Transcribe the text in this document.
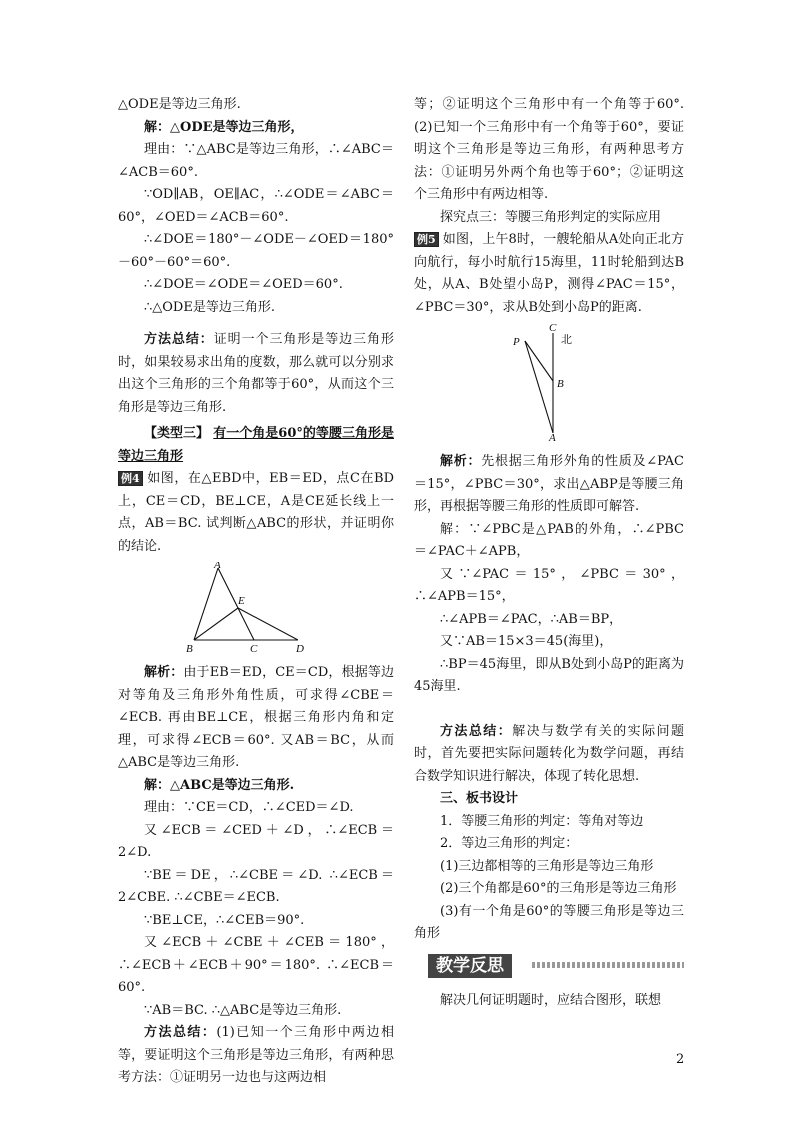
△ODE是等边三角形.

解：△ODE是等边三角形，

理由：∵△ABC是等边三角形，∴∠ABC＝∠ACB＝60°.

∵OD∥AB，OE∥AC，∴∠ODE＝∠ABC＝60°，∠OED＝∠ACB＝60°.

∴∠DOE＝180°－∠ODE－∠OED＝180°－60°－60°＝60°.

∴∠DOE＝∠ODE＝∠OED＝60°.

∴△ODE是等边三角形.

方法总结：证明一个三角形是等边三角形时，如果较易求出角的度数，那么就可以分别求出这个三角形的三个角都等于60°，从而这个三角形是等边三角形.

【类型三】 有一个角是60°的等腰三角形是等边三角形

例4 如图，在△EBD中，EB＝ED，点C在BD上，CE＝CD，BE⊥CE，A是CE延长线上一点，AB＝BC. 试判断△ABC的形状，并证明你的结论.

A
E
B	C	D

解析：由于EB＝ED，CE＝CD，根据等边对等角及三角形外角性质，可求得∠CBE＝∠ECB. 再由BE⊥CE，根据三角形内角和定理，可求得∠ECB＝60°. 又AB＝BC，从而△ABC是等边三角形.

解：△ABC是等边三角形.

理由：∵CE＝CD，∴∠CED＝∠D.

又∠ECB＝∠CED＋∠D，∴∠ECB＝2∠D.

∵BE＝DE，∴∠CBE＝∠D. ∴∠ECB＝2∠CBE. ∴∠CBE＝∠ECB.

∵BE⊥CE，∴∠CEB＝90°.

又∠ECB＋∠CBE＋∠CEB＝180°，∴∠ECB＋∠ECB＋90°＝180°. ∴∠ECB＝60°.

∵AB＝BC. ∴△ABC是等边三角形.

方法总结：(1)已知一个三角形中两边相等，要证明这个三角形是等边三角形，有两种思考方法：①证明另一边也与这两边相

等；②证明这个三角形中有一个角等于60°. (2)已知一个三角形中有一个角等于60°，要证明这个三角形是等边三角形，有两种思考方法：①证明另外两个角也等于60°；②证明这个三角形中有两边相等.

探究点三：等腰三角形判定的实际应用

例5 如图，上午8时，一艘轮船从A处向正北方向航行，每小时航行15海里，11时轮船到达B处，从A、B处望小岛P，测得∠PAC＝15°，∠PBC＝30°，求从B处到小岛P的距离.

C
P
B
A
北

解析：先根据三角形外角的性质及∠PAC＝15°，∠PBC＝30°，求出△ABP是等腰三角形，再根据等腰三角形的性质即可解答.

解：∵∠PBC是△PAB的外角，∴∠PBC＝∠PAC＋∠APB，

又∵∠PAC＝15°，∠PBC＝30°，∴∠APB＝15°，

∴∠APB＝∠PAC，∴AB＝BP，

又∵AB＝15×3＝45(海里)，

∴BP＝45海里，即从B处到小岛P的距离为45海里.

方法总结：解决与数学有关的实际问题时，首先要把实际问题转化为数学问题，再结合数学知识进行解决，体现了转化思想.

三、板书设计

1．等腰三角形的判定：等角对等边

2．等边三角形的判定：

(1)三边都相等的三角形是等边三角形

(2)三个角都是60°的三角形是等边三角形

(3)有一个角是60°的等腰三角形是等边三角形

教学反思

解决几何证明题时，应结合图形，联想

2
